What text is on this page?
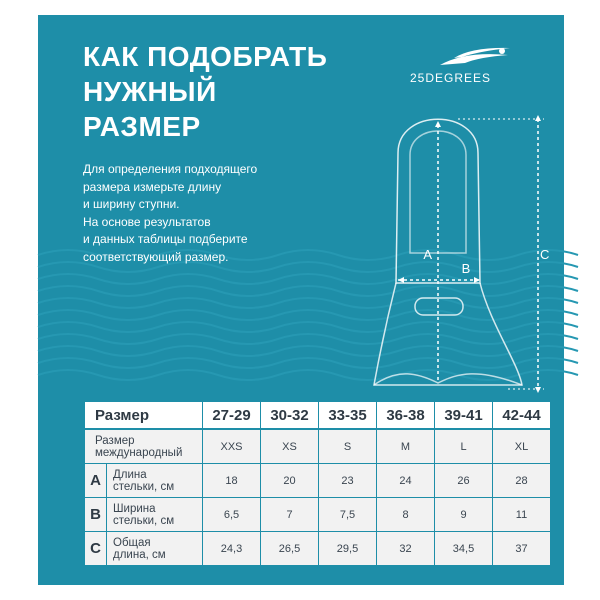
КАК ПОДОБРАТЬ
НУЖНЫЙ
РАЗМЕР
25DEGREES
Для определения подходящего
размера измерьте длину
и ширину ступни.
На основе результатов
и данных таблицы подберите
соответствующий размер.	A
B
C
Размер	27-29	30-32	33-35	36-38	39-41	42-44
Размер
международный		XXS	XS	S	M	L	XL
A	Длина
стельки, см	18	20	23	24	26	28
B	Ширина
стельки, см	6,5	7	7,5	8	9	11
C	Общая
длина, см	24,3	26,5	29,5	32	34,5	37
